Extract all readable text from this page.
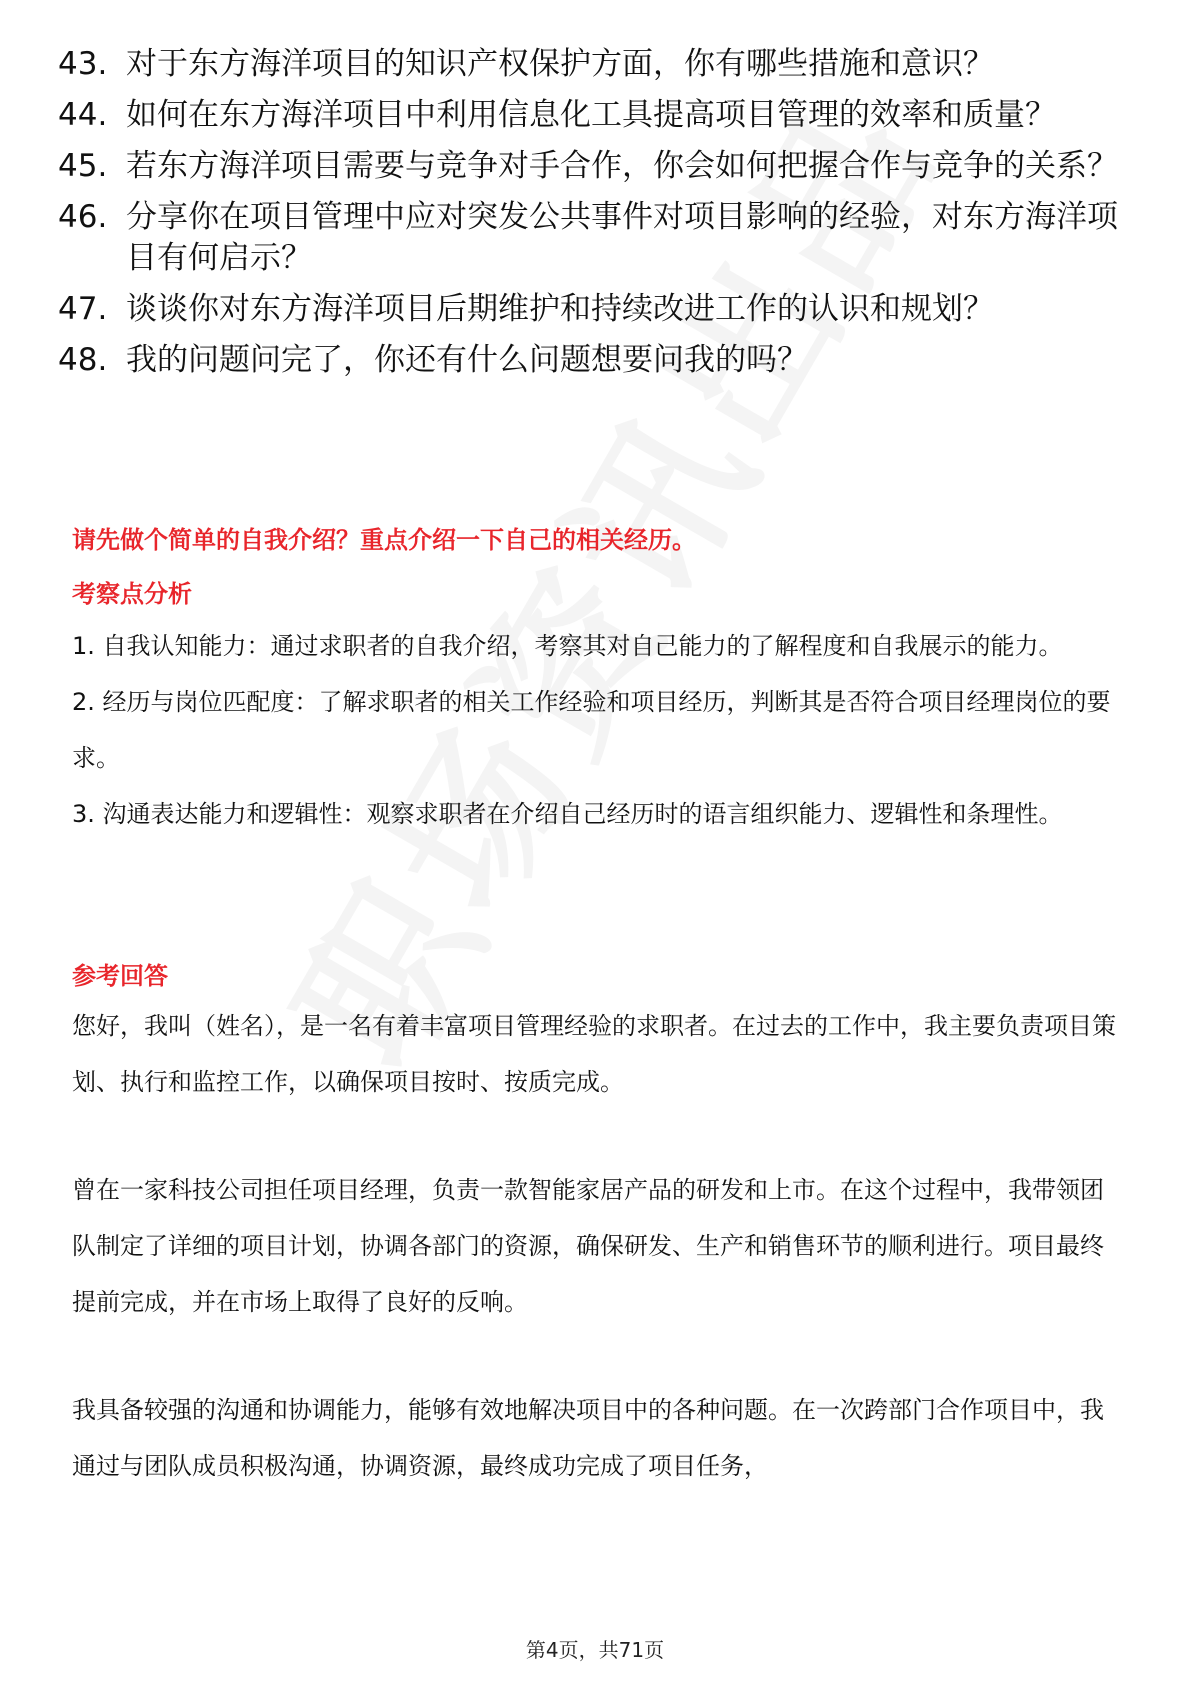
43. 对于东方海洋项目的知识产权保护方面，你有哪些措施和意识？
44. 如何在东方海洋项目中利用信息化工具提高项目管理的效率和质量？
45. 若东方海洋项目需要与竞争对手合作，你会如何把握合作与竞争的关系？
46. 分享你在项目管理中应对突发公共事件对项目影响的经验，对东方海洋项目有何启示？
47. 谈谈你对东方海洋项目后期维护和持续改进工作的认识和规划？
48. 我的问题问完了，你还有什么问题想要问我的吗？
请先做个简单的自我介绍？重点介绍一下自己的相关经历。
考察点分析

1. 自我认知能力：通过求职者的自我介绍，考察其对自己能力的了解程度和自我展示的能力。

2. 经历与岗位匹配度：了解求职者的相关工作经验和项目经历，判断其是否符合项目经理岗位的要求。

3. 沟通表达能力和逻辑性：观察求职者在介绍自己经历时的语言组织能力、逻辑性和条理性。

参考回答

您好，我叫（姓名），是一名有着丰富项目管理经验的求职者。在过去的工作中，我主要负责项目策划、执行和监控工作，以确保项目按时、按质完成。

曾在一家科技公司担任项目经理，负责一款智能家居产品的研发和上市。在这个过程中，我带领团队制定了详细的项目计划，协调各部门的资源，确保研发、生产和销售环节的顺利进行。项目最终提前完成，并在市场上取得了良好的反响。

我具备较强的沟通和协调能力，能够有效地解决项目中的各种问题。在一次跨部门合作项目中，我通过与团队成员积极沟通，协调资源，最终成功完成了项目任务，

第4页，共71页
